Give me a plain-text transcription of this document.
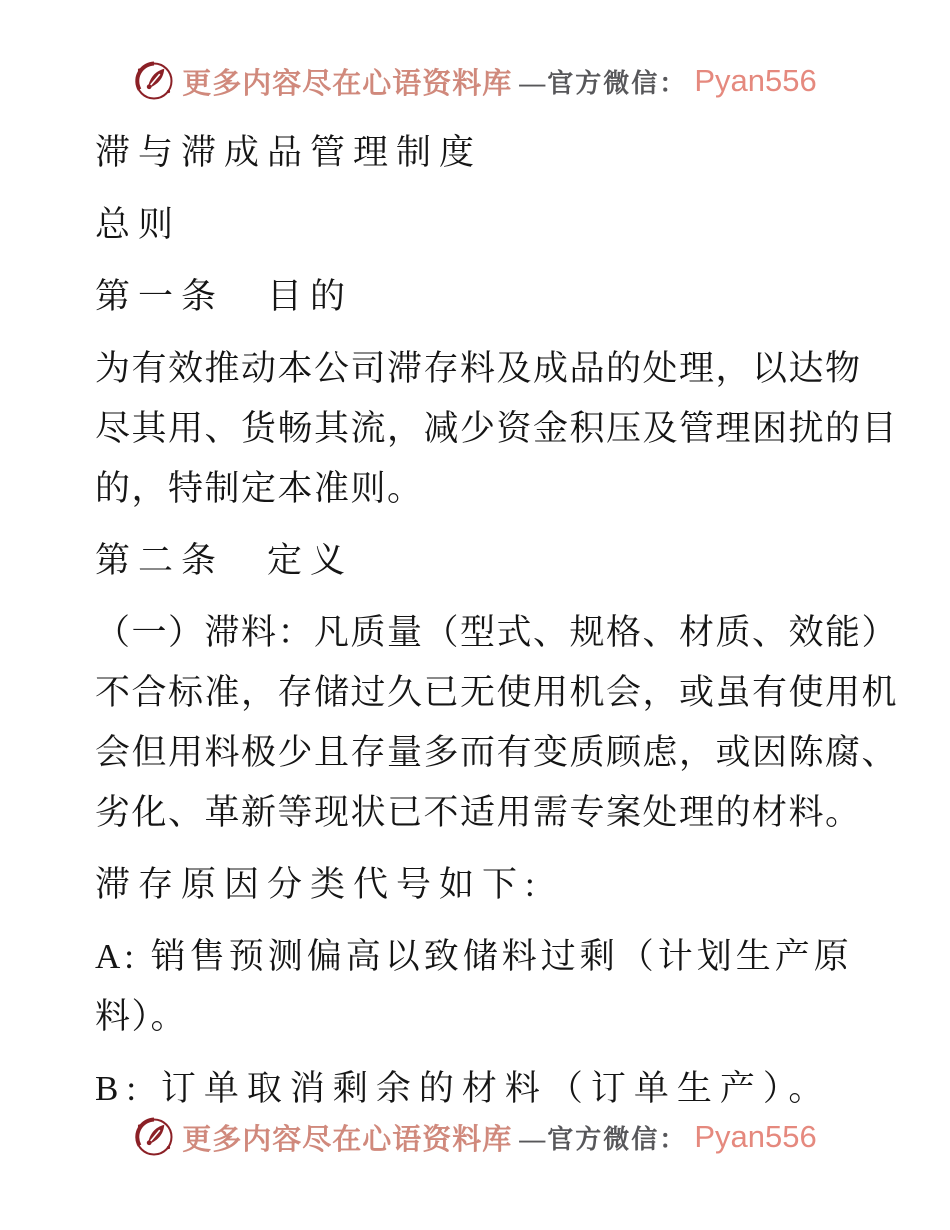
更多内容尽在心语资料库 —官方微信： Pyan556
滞与滞成品管理制度
总则
第一条　目的
为有效推动本公司滞存料及成品的处理，以达物
尽其用、货畅其流，减少资金积压及管理困扰的目
的，特制定本准则。
第二条　定义
（一）滞料：凡质量（型式、规格、材质、效能）
不合标准，存储过久已无使用机会，或虽有使用机
会但用料极少且存量多而有变质顾虑，或因陈腐、
劣化、革新等现状已不适用需专案处理的材料。
滞存原因分类代号如下:
A: 销售预测偏高以致储料过剩（计划生产原
料）。
B: 订单取消剩余的材料（订单生产）。
更多内容尽在心语资料库 —官方微信： Pyan556
